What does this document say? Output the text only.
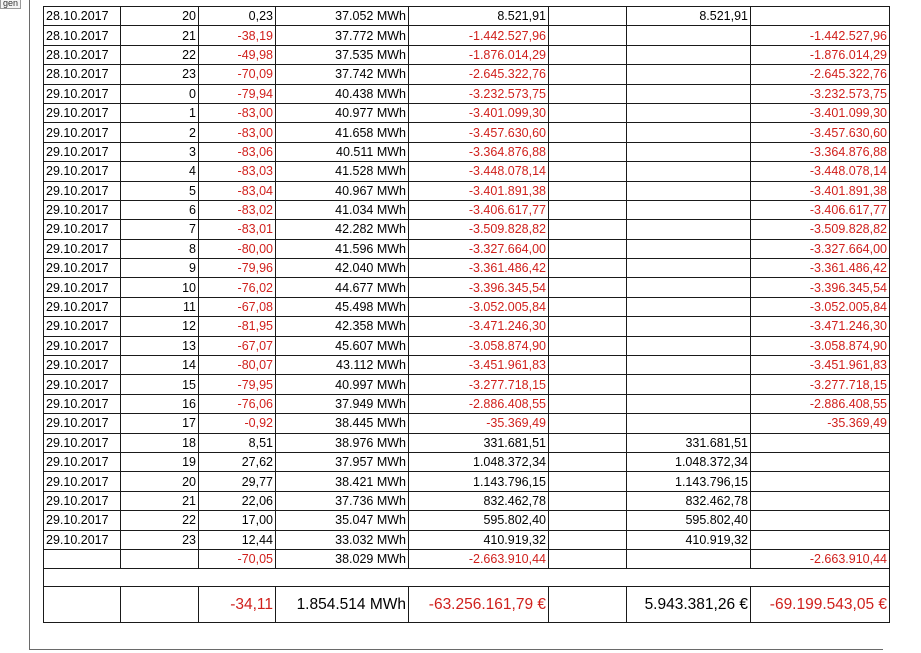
gen
28.10.2017	20	0,23	37.052 MWh	8.521,91		8.521,91	
28.10.2017	21	-38,19	37.772 MWh	-1.442.527,96			-1.442.527,96
28.10.2017	22	-49,98	37.535 MWh	-1.876.014,29			-1.876.014,29
28.10.2017	23	-70,09	37.742 MWh	-2.645.322,76			-2.645.322,76
29.10.2017	0	-79,94	40.438 MWh	-3.232.573,75			-3.232.573,75
29.10.2017	1	-83,00	40.977 MWh	-3.401.099,30			-3.401.099,30
29.10.2017	2	-83,00	41.658 MWh	-3.457.630,60			-3.457.630,60
29.10.2017	3	-83,06	40.511 MWh	-3.364.876,88			-3.364.876,88
29.10.2017	4	-83,03	41.528 MWh	-3.448.078,14			-3.448.078,14
29.10.2017	5	-83,04	40.967 MWh	-3.401.891,38			-3.401.891,38
29.10.2017	6	-83,02	41.034 MWh	-3.406.617,77			-3.406.617,77
29.10.2017	7	-83,01	42.282 MWh	-3.509.828,82			-3.509.828,82
29.10.2017	8	-80,00	41.596 MWh	-3.327.664,00			-3.327.664,00
29.10.2017	9	-79,96	42.040 MWh	-3.361.486,42			-3.361.486,42
29.10.2017	10	-76,02	44.677 MWh	-3.396.345,54			-3.396.345,54
29.10.2017	11	-67,08	45.498 MWh	-3.052.005,84			-3.052.005,84
29.10.2017	12	-81,95	42.358 MWh	-3.471.246,30			-3.471.246,30
29.10.2017	13	-67,07	45.607 MWh	-3.058.874,90			-3.058.874,90
29.10.2017	14	-80,07	43.112 MWh	-3.451.961,83			-3.451.961,83
29.10.2017	15	-79,95	40.997 MWh	-3.277.718,15			-3.277.718,15
29.10.2017	16	-76,06	37.949 MWh	-2.886.408,55			-2.886.408,55
29.10.2017	17	-0,92	38.445 MWh	-35.369,49			-35.369,49
29.10.2017	18	8,51	38.976 MWh	331.681,51		331.681,51	
29.10.2017	19	27,62	37.957 MWh	1.048.372,34		1.048.372,34	
29.10.2017	20	29,77	38.421 MWh	1.143.796,15		1.143.796,15	
29.10.2017	21	22,06	37.736 MWh	832.462,78		832.462,78	
29.10.2017	22	17,00	35.047 MWh	595.802,40		595.802,40	
29.10.2017	23	12,44	33.032 MWh	410.919,32		410.919,32	
		-70,05	38.029 MWh	-2.663.910,44			-2.663.910,44

		-34,11	1.854.514 MWh	-63.256.161,79 €		5.943.381,26 €	-69.199.543,05 €
